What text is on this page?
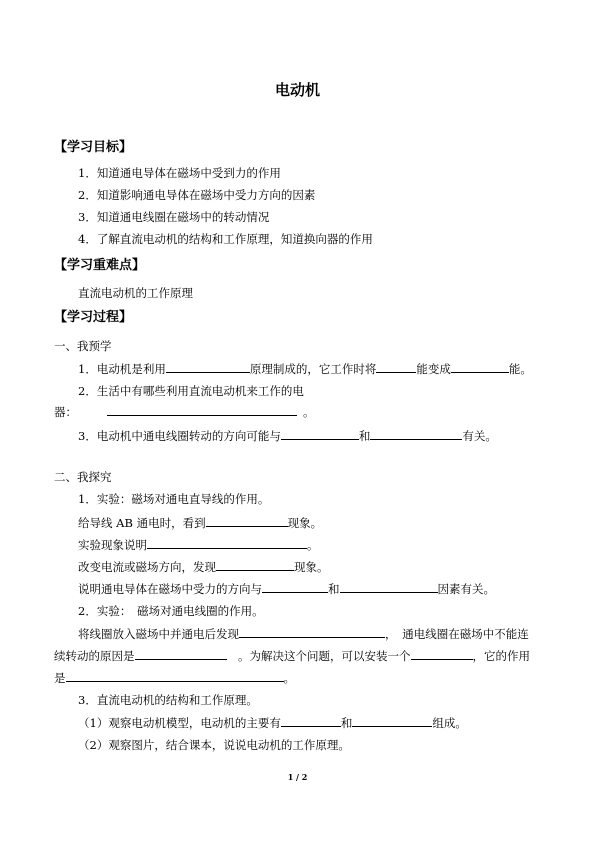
电动机
【学习目标】
1．知道通电导体在磁场中受到力的作用
2．知道影响通电导体在磁场中受力方向的因素
3．知道通电线圈在磁场中的转动情况
4．了解直流电动机的结构和工作原理，知道换向器的作用
【学习重难点】
直流电动机的工作原理
【学习过程】
一、我预学
1．电动机是利用	原理制成的，它工作时将	能变成	能。
2．生活中有哪些利用直流电动机来工作的电
器：	。
3．电动机中通电线圈转动的方向可能与	和	有关。
二、我探究
1．实验：磁场对通电直导线的作用。
给导线 AB 通电时，看到	现象。
实验现象说明	。
改变电流或磁场方向，发现	现象。
说明通电导体在磁场中受力的方向与	和	因素有关。
2．实验：　磁场对通电线圈的作用。
将线圈放入磁场中并通电后发现	，　通电线圈在磁场中不能连
续转动的原因是	　。为解决这个问题，可以安装一个	，它的作用
是	。
3．直流电动机的结构和工作原理。
（1）观察电动机模型，电动机的主要有	和	组成。
（2）观察图片，结合课本，说说电动机的工作原理。
1 / 2
